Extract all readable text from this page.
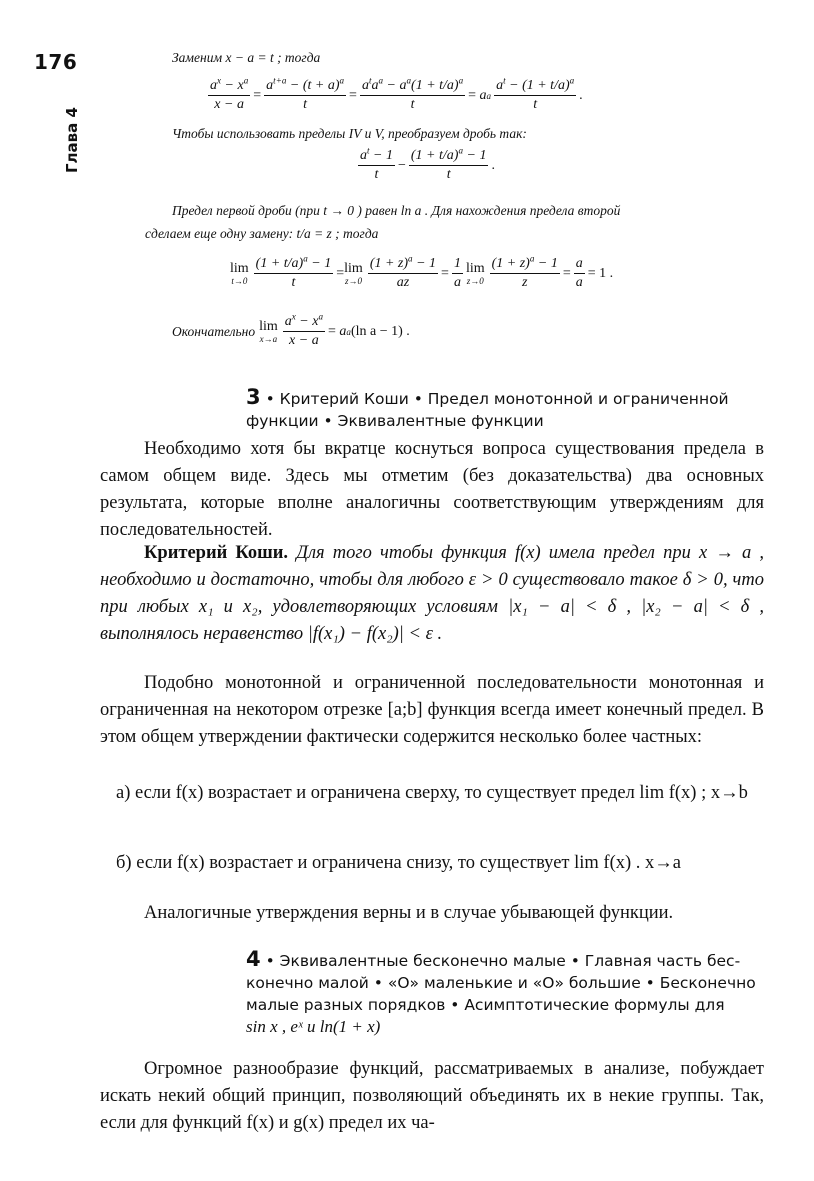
176
Глава 4
Заменим x − a = t ; тогда
$\frac{a^x - x^a}{x - a} = \frac{a^{t+a} - (t + a)^a}{t} = \frac{a^ta^a - a^a(1 + t/a)^a}{t} = a$ a $\frac{a^t - (1 + t/a)^a}{t}$ .
Чтобы использовать пределы IV и V, преобразуем дробь так:
$\frac{a^t - 1}{t} - \frac{(1 + t/a)^a - 1}{t}$ .
Предел первой дроби (при t → 0 ) равен ln a . Для нахождения предела второй
сделаем еще одну замену: t/a = z ; тогда
lim
$t\to 0 \frac{(1 + t/a)^a - 1}{t} = \lim$
$z\to 0 \frac{(1 + z)^a - 1}{az} = \frac{1}{a}$ lim
$z\to 0 \frac{(1 + z)^a - 1}{z} = \frac{a}{a} = 1$ .
Окончательно
lim
$x\to a \frac{a^x - x^a}{x - a} = a$ a (ln a − 1) .
3 • Критерий Коши • Предел монотонной и ограниченной
функции • Эквивалентные функции
Необходимо хотя бы вкратце коснуться вопроса существования предела в самом общем виде. Здесь мы отметим (без доказательства) два основных результата, которые вполне аналогичны соответствующим утверждениям для последовательностей.
Критерий Коши. Для того чтобы функция f(x) имела предел при x → a , необходимо и достаточно, чтобы для любого ε > 0 существовало такое δ > 0, что при любых x₁ и x₂, удовлетворяющих условиям |x₁ − a| < δ , |x₂ − a| < δ , выполнялось неравенство |f(x₁) − f(x₂)| < ε .
Подобно монотонной и ограниченной последовательности монотонная и ограниченная на некотором отрезке [a;b] функция всегда имеет конечный предел. В этом общем утверждении фактически содержится несколько более частных:
а) если f(x) возрастает и ограничена сверху, то существует предел lim f(x) ; x→b
б) если f(x) возрастает и ограничена снизу, то существует lim f(x) . x→a
Аналогичные утверждения верны и в случае убывающей функции.
4 • Эквивалентные бесконечно малые • Главная часть бес-
конечно малой • «O» маленькие и «O» большие • Бесконечно
малые разных порядков • Асимптотические формулы для
sin x , eˣ и ln(1 + x)
Огромное разнообразие функций, рассматриваемых в анализе, побуждает искать некий общий принцип, позволяющий объединять их в некие группы. Так, если для функций f(x) и g(x) предел их ча-
